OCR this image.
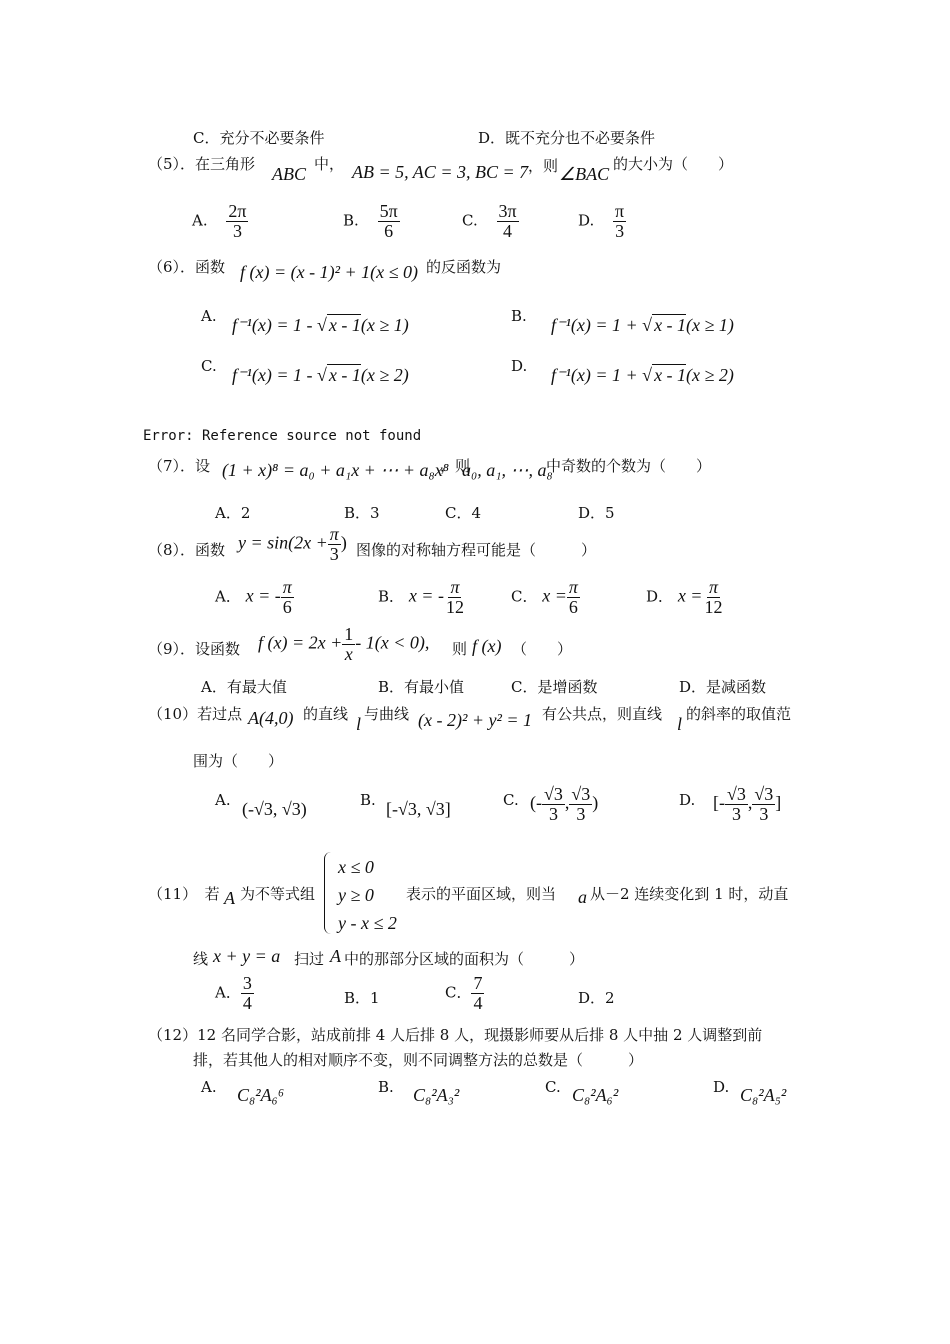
C．充分不必要条件	D．既不充分也不必要条件
（5）．在三角形 ABC 中， AB = 5, AC = 3, BC = 7 ，则 ∠BAC 的大小为（　　）
A. $\frac{2\pi}{3}$	B. $\frac{5\pi}{6}$	C. $\frac{3\pi}{4}$	D. $\frac{\pi}{3}$
（6）．函数 f (x) = (x - 1)² + 1(x ≤ 0) 的反函数为
A. f⁻¹(x) = 1 - √ x - 1(x ≥ 1)	B. f⁻¹(x) = 1 + √ x - 1(x ≥ 1)
C. f⁻¹(x) = 1 - √ x - 1(x ≥ 2)	D. f⁻¹(x) = 1 + √ x - 1(x ≥ 2)
Error: Reference source not found
（7）．设 (1 + x)⁸ = a₀ + a₁x + ⋯ + a₈x⁸
，则
a₀, a₁, ⋯, a₈
中奇数的个数为（　　）
A．2	B．3	C．4	D．5
（8）．函数 $y = \sin(2x + \frac{\pi}{3}$ ) 图像的对称轴方程可能是（　　　）
A． x = - $\frac{\pi}{6}$	B． x = - $\frac{\pi}{12}$	C． $x = \frac{\pi}{6}$	D． $x = \frac{\pi}{12}$
（9）．设函数 f $(x) = 2x + \frac{1}{x} - 1(x < 0)$, 则 f (x) （　　）
A．有最大值	B．有最小值	C．是增函数	D．是减函数
（10）若过点 A(4,0) 的直线 l 与曲线 (x - 2)² + y² = 1 有公共点，则直线 l 的斜率的取值范
围为（　　）
A. (-√3, √3)	B. [-√3, √3]	C. (- $\frac{√3}{3}$ , $\frac{√3}{3}$ )	D. [- $\frac{√3}{3}$ , $\frac{√3}{3}$ ]
（11）　若 A 为不等式组
x ≤ 0
y ≥ 0
y - x ≤ 2
表示的平面区域，则当 a 从－2 连续变化到 1 时，动直
线 x + y = a 扫过 A 中的那部分区域的面积为（　　　）
A． $\frac{3}{4}$	B．1	C． $\frac{7}{4}$	D．2
（12）12 名同学合影，站成前排 4 人后排 8 人，现摄影师要从后排 8 人中抽 2 人调整到前
排，若其他人的相对顺序不变，则不同调整方法的总数是（　　　）
A. C₈²A₆⁶	B. C₈²A₃²	C. C₈²A₆²	D. C₈²A₅²
